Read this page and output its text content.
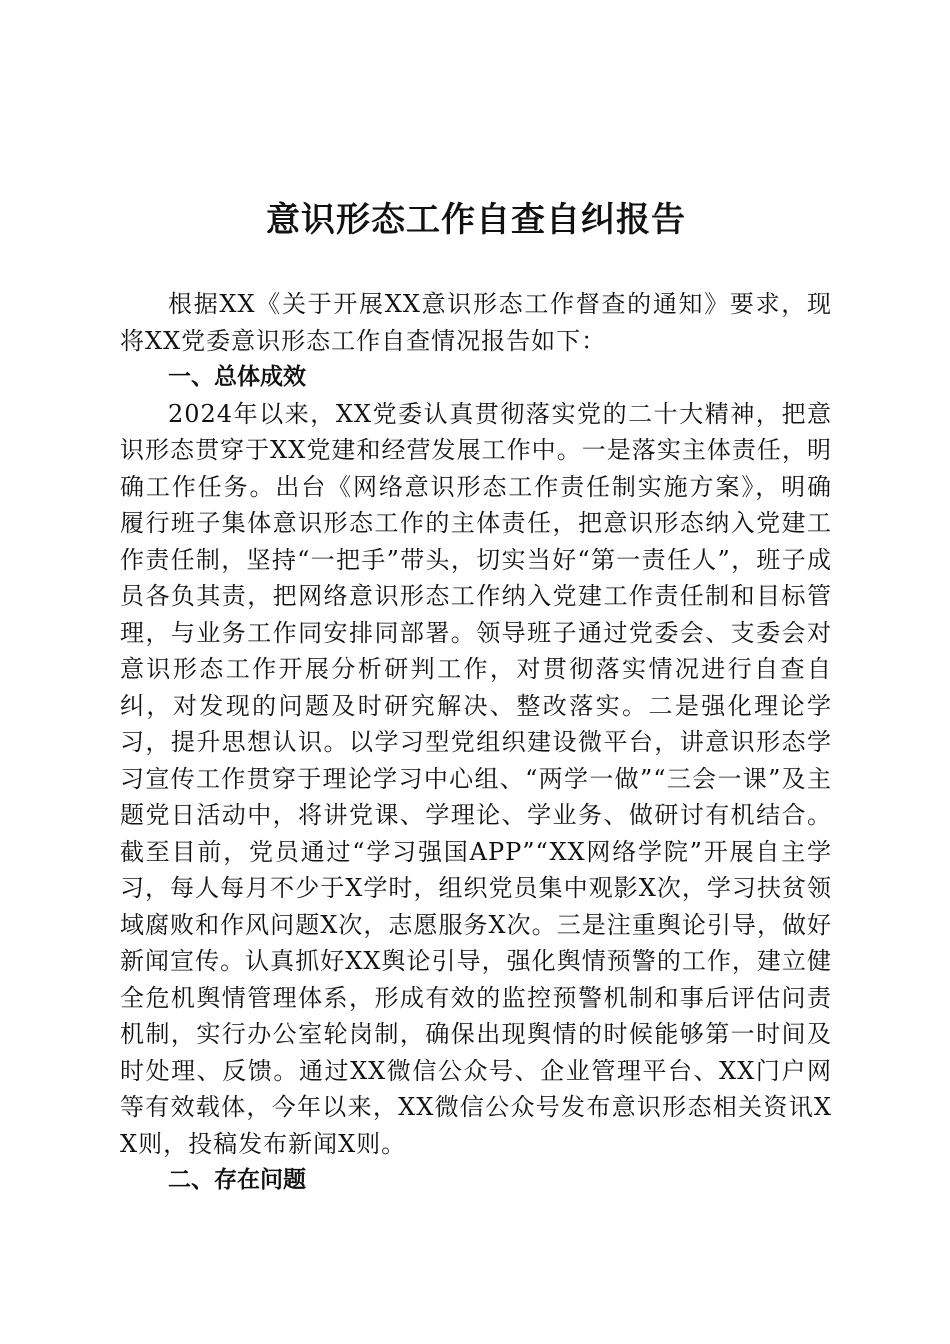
意识形态工作自查自纠报告

根据XX《关于开展XX意识形态工作督查的通知》要求，现将XX党委意识形态工作自查情况报告如下：

一、总体成效

2024年以来，XX党委认真贯彻落实党的二十大精神，把意识形态贯穿于XX党建和经营发展工作中。一是落实主体责任，明确工作任务。出台《网络意识形态工作责任制实施方案》，明确履行班子集体意识形态工作的主体责任，把意识形态纳入党建工作责任制，坚持“一把手”带头，切实当好“第一责任人”，班子成员各负其责，把网络意识形态工作纳入党建工作责任制和目标管理，与业务工作同安排同部署。领导班子通过党委会、支委会对意识形态工作开展分析研判工作，对贯彻落实情况进行自查自纠，对发现的问题及时研究解决、整改落实。二是强化理论学习，提升思想认识。以学习型党组织建设微平台，讲意识形态学习宣传工作贯穿于理论学习中心组、“两学一做”“三会一课”及主题党日活动中，将讲党课、学理论、学业务、做研讨有机结合。截至目前，党员通过“学习强国APP”“XX网络学院”开展自主学习，每人每月不少于X学时，组织党员集中观影X次，学习扶贫领域腐败和作风问题X次，志愿服务X次。三是注重舆论引导，做好新闻宣传。认真抓好XX舆论引导，强化舆情预警的工作，建立健全危机舆情管理体系，形成有效的监控预警机制和事后评估问责机制，实行办公室轮岗制，确保出现舆情的时候能够第一时间及时处理、反馈。通过XX微信公众号、企业管理平台、XX门户网等有效载体，今年以来，XX微信公众号发布意识形态相关资讯XX则，投稿发布新闻X则。

二、存在问题
